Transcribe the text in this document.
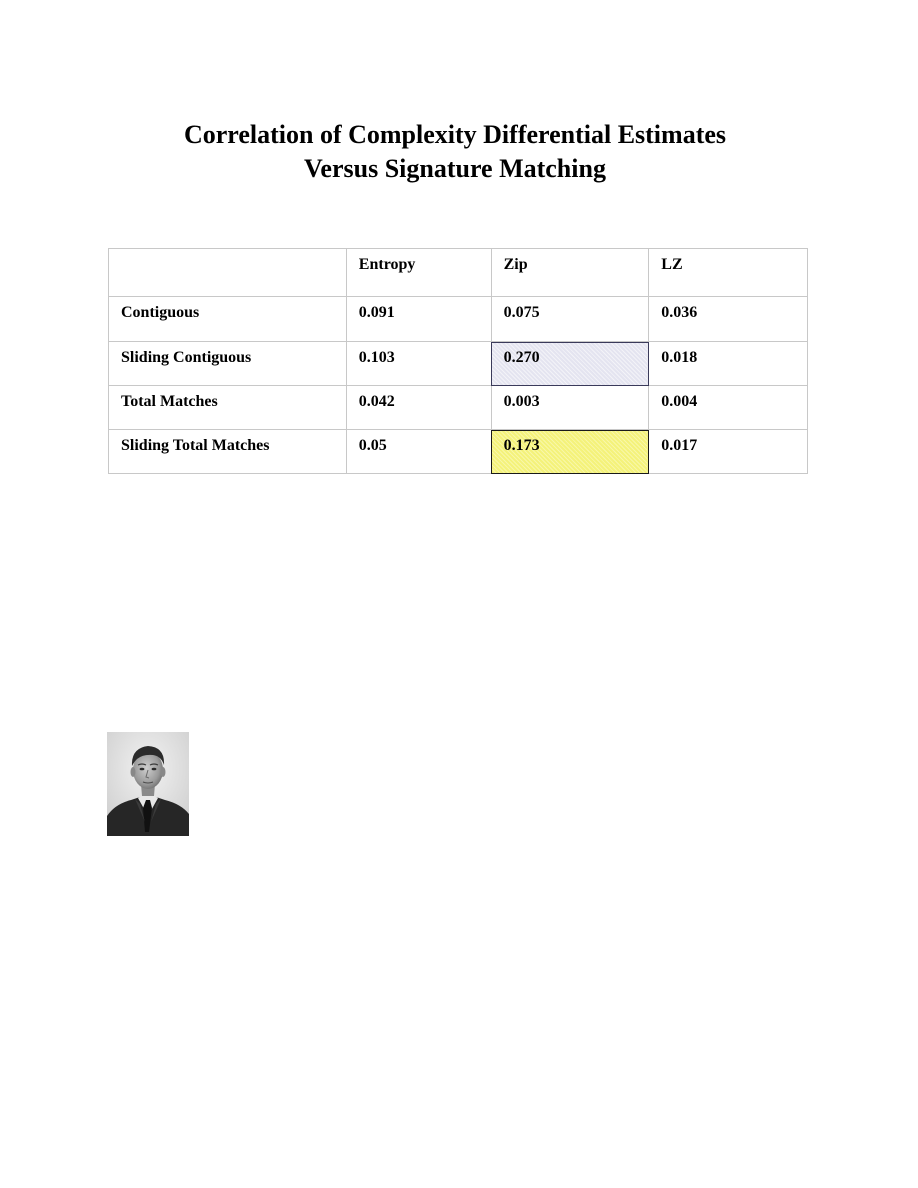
Correlation of Complexity Differential Estimates
Versus Signature Matching
	Entropy	Zip	LZ
Contiguous	0.091	0.075	0.036
Sliding Contiguous	0.103	0.270	0.018
Total Matches	0.042	0.003	0.004
Sliding Total Matches	0.05	0.173	0.017
